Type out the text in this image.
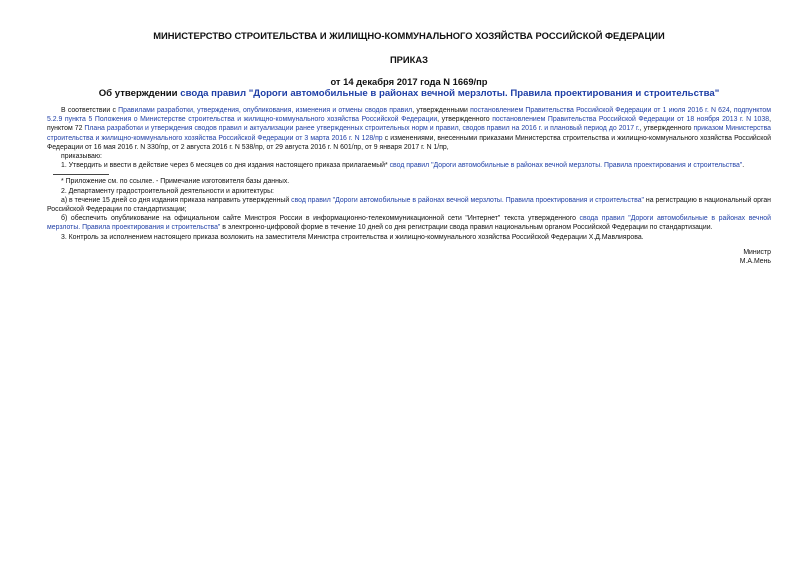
МИНИСТЕРСТВО СТРОИТЕЛЬСТВА И ЖИЛИЩНО-КОММУНАЛЬНОГО ХОЗЯЙСТВА РОССИЙСКОЙ ФЕДЕРАЦИИ

ПРИКАЗ

от 14 декабря 2017 года N 1669/пр

Об утверждении свода правил "Дороги автомобильные в районах вечной мерзлоты. Правила проектирования и строительства"

В соответствии с Правилами разработки, утверждения, опубликования, изменения и отмены сводов правил, утвержденными постановлением Правительства Российской Федерации от 1 июля 2016 г. N 624, подпунктом 5.2.9 пункта 5 Положения о Министерстве строительства и жилищно-коммунального хозяйства Российской Федерации, утвержденного постановлением Правительства Российской Федерации от 18 ноября 2013 г. N 1038, пунктом 72 Плана разработки и утверждения сводов правил и актуализации ранее утвержденных строительных норм и правил, сводов правил на 2016 г. и плановый период до 2017 г., утвержденного приказом Министерства строительства и жилищно-коммунального хозяйства Российской Федерации от 3 марта 2016 г. N 128/пр с изменениями, внесенными приказами Министерства строительства и жилищно-коммунального хозяйства Российской Федерации от 16 мая 2016 г. N 330/пр, от 2 августа 2016 г. N 538/пр, от 29 августа 2016 г. N 601/пр, от 9 января 2017 г. N 1/пр,

приказываю:

1. Утвердить и ввести в действие через 6 месяцев со дня издания настоящего приказа прилагаемый* свод правил "Дороги автомобильные в районах вечной мерзлоты. Правила проектирования и строительства".

* Приложение см. по ссылке. - Примечание изготовителя базы данных.

2. Департаменту градостроительной деятельности и архитектуры:

а) в течение 15 дней со дня издания приказа направить утвержденный свод правил "Дороги автомобильные в районах вечной мерзлоты. Правила проектирования и строительства" на регистрацию в национальный орган Российской Федерации по стандартизации;

б) обеспечить опубликование на официальном сайте Минстроя России в информационно-телекоммуникационной сети "Интернет" текста утвержденного свода правил "Дороги автомобильные в районах вечной мерзлоты. Правила проектирования и строительства" в электронно-цифровой форме в течение 10 дней со дня регистрации свода правил национальным органом Российской Федерации по стандартизации.

3. Контроль за исполнением настоящего приказа возложить на заместителя Министра строительства и жилищно-коммунального хозяйства Российской Федерации Х.Д.Мавлиярова.

Министр

М.А.Мень
